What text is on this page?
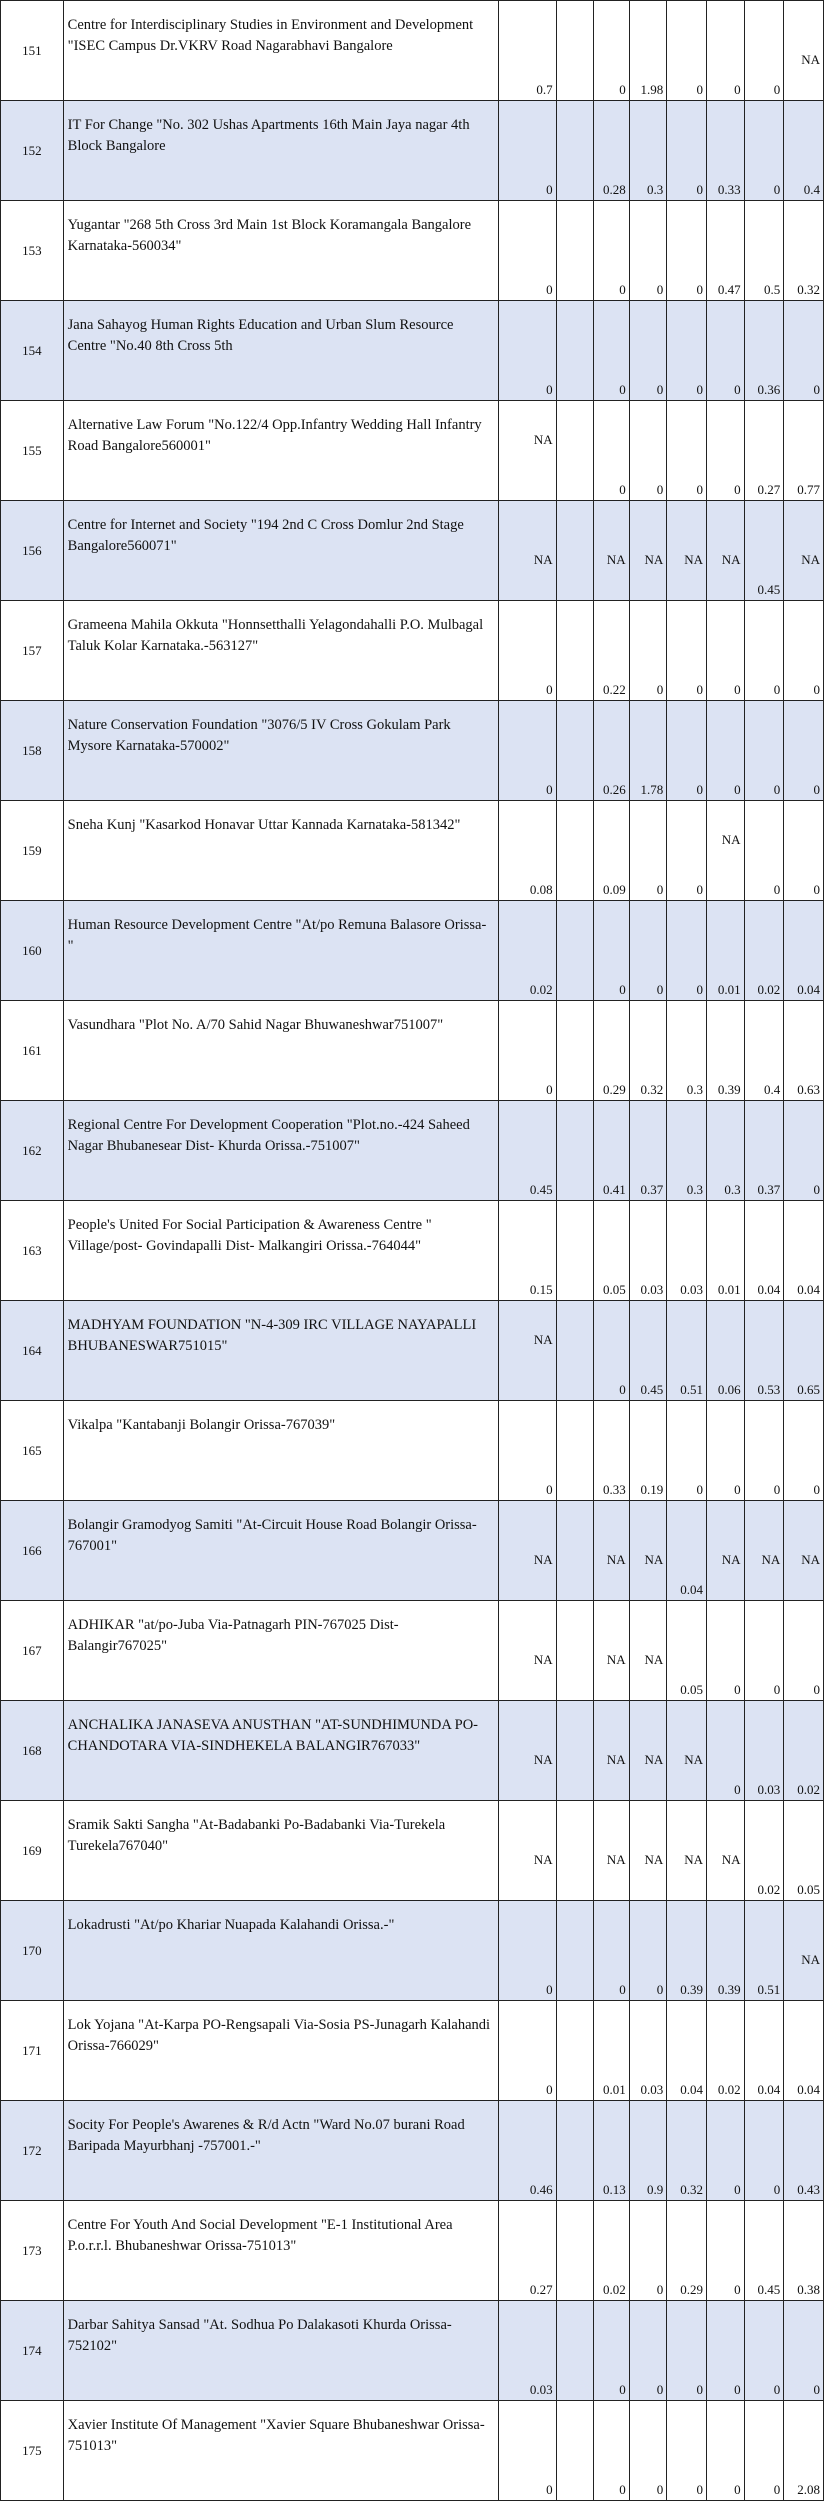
151	Centre for Interdisciplinary Studies in Environment and Development "ISEC Campus Dr.VKRV Road Nagarabhavi Bangalore	0.7		0	1.98	0	0	0	NA

152	IT For Change "No. 302 Ushas Apartments 16th Main Jaya nagar 4th Block Bangalore	0		0.28	0.3	0	0.33	0	0.4

153	Yugantar "268 5th Cross 3rd Main 1st Block Koramangala Bangalore Karnataka-560034"	0		0	0	0	0.47	0.5	0.32

154	Jana Sahayog Human Rights Education and Urban Slum Resource Centre "No.40 8th Cross 5th	0		0	0	0	0	0.36	0

155	Alternative Law Forum "No.122/4 Opp.Infantry Wedding Hall Infantry Road Bangalore560001"	NA		0	0	0	0	0.27	0.77

156	Centre for Internet and Society "194 2nd C Cross Domlur 2nd Stage Bangalore560071"	NA		NA	NA	NA	NA	0.45	NA

157	Grameena Mahila Okkuta "Honnsetthalli Yelagondahalli P.O. Mulbagal Taluk Kolar Karnataka.-563127"	0		0.22	0	0	0	0	0

158	Nature Conservation Foundation "3076/5 IV Cross Gokulam Park Mysore Karnataka-570002"	0		0.26	1.78	0	0	0	0

159	Sneha Kunj "Kasarkod Honavar Uttar Kannada Karnataka-581342"	0.08		0.09	0	0	NA	0	0

160	Human Resource Development Centre "At/po Remuna Balasore Orissa-"	0.02		0	0	0	0.01	0.02	0.04

161	Vasundhara "Plot No. A/70 Sahid Nagar Bhuwaneshwar751007"	0		0.29	0.32	0.3	0.39	0.4	0.63

162	Regional Centre For Development Cooperation "Plot.no.-424 Saheed Nagar Bhubanesear Dist- Khurda Orissa.-751007"	0.45		0.41	0.37	0.3	0.3	0.37	0

163	People's United For Social Participation & Awareness Centre " Village/post- Govindapalli Dist- Malkangiri Orissa.-764044"	0.15		0.05	0.03	0.03	0.01	0.04	0.04

164	MADHYAM FOUNDATION "N-4-309 IRC VILLAGE NAYAPALLI BHUBANESWAR751015"	NA		0	0.45	0.51	0.06	0.53	0.65

165	Vikalpa "Kantabanji Bolangir Orissa-767039"	0		0.33	0.19	0	0	0	0

166	Bolangir Gramodyog Samiti "At-Circuit House Road Bolangir Orissa-767001"	NA		NA	NA	0.04	NA	NA	NA

167	ADHIKAR "at/po-Juba Via-Patnagarh PIN-767025 Dist-Balangir767025"	NA		NA	NA	0.05	0	0	0

168	ANCHALIKA JANASEVA ANUSTHAN "AT-SUNDHIMUNDA PO-CHANDOTARA VIA-SINDHEKELA BALANGIR767033"	NA		NA	NA	NA	0	0.03	0.02

169	Sramik Sakti Sangha "At-Badabanki Po-Badabanki Via-Turekela Turekela767040"	NA		NA	NA	NA	NA	0.02	0.05

170	Lokadrusti "At/po Khariar Nuapada Kalahandi Orissa.-"	0		0	0	0.39	0.39	0.51	NA

171	Lok Yojana "At-Karpa PO-Rengsapali Via-Sosia PS-Junagarh Kalahandi Orissa-766029"	0		0.01	0.03	0.04	0.02	0.04	0.04

172	Socity For People's Awarenes & R/d Actn "Ward No.07 burani Road Baripada Mayurbhanj -757001.-"	0.46		0.13	0.9	0.32	0	0	0.43

173	Centre For Youth And Social Development "E-1 Institutional Area P.o.r.r.l. Bhubaneshwar Orissa-751013"	0.27		0.02	0	0.29	0	0.45	0.38

174	Darbar Sahitya Sansad "At. Sodhua Po Dalakasoti Khurda Orissa-752102"	0.03		0	0	0	0	0	0

175	Xavier Institute Of Management "Xavier Square Bhubaneshwar Orissa-751013"	0		0	0	0	0	0	2.08
